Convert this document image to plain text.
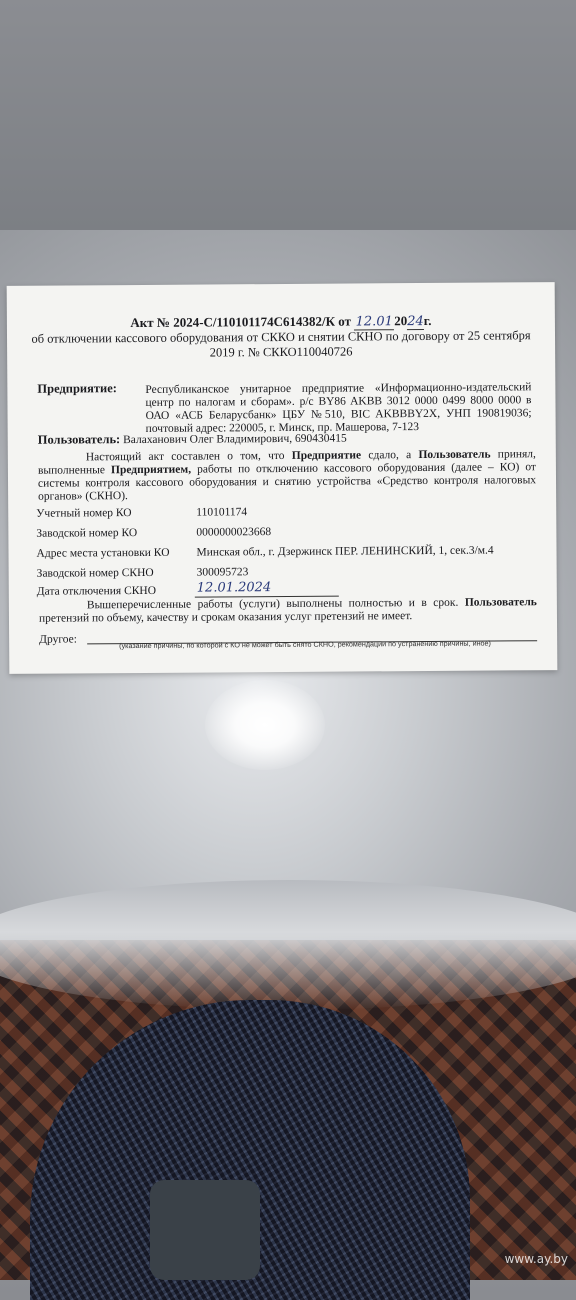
Акт № 2024-С/110101174С614382/К от 12.012024г.
об отключении кассового оборудования от СККО и снятии СКНО по договору от 25 сентября 2019 г. № СККО110040726
Предприятие: Республиканское унитарное предприятие «Информационно-издательский центр по налогам и сборам». р/с BY86 AKBB 3012 0000 0499 8000 0000 в ОАО «АСБ Беларусбанк» ЦБУ №510, BIC AKBBBY2X, УНП 190819036; почтовый адрес: 220005, г. Минск, пр. Машерова, 7-123
Пользователь: Валаханович Олег Владимирович, 690430415
Настоящий акт составлен о том, что Предприятие сдало, а Пользователь принял, выполненные Предприятием, работы по отключению кассового оборудования (далее – КО) от системы контроля кассового оборудования и снятию устройства «Средство контроля налоговых органов» (СКНО).
Учетный номер КО	110101174
Заводской номер КО	0000000023668
Адрес места установки КО Минская обл., г. Дзержинск ПЕР. ЛЕНИНСКИЙ, 1, сек.3/м.4
Заводской номер СКНО	300095723
Дата отключения СКНО	12.01.2024
Вышеперечисленные работы (услуги) выполнены полностью и в срок. Пользователь претензий по объему, качеству и срокам оказания услуг претензий не имеет.
Другое:	(указание причины, по которой с КО не может быть снято СКНО, рекомендации по устранению причины, иное)
www.ay.by
